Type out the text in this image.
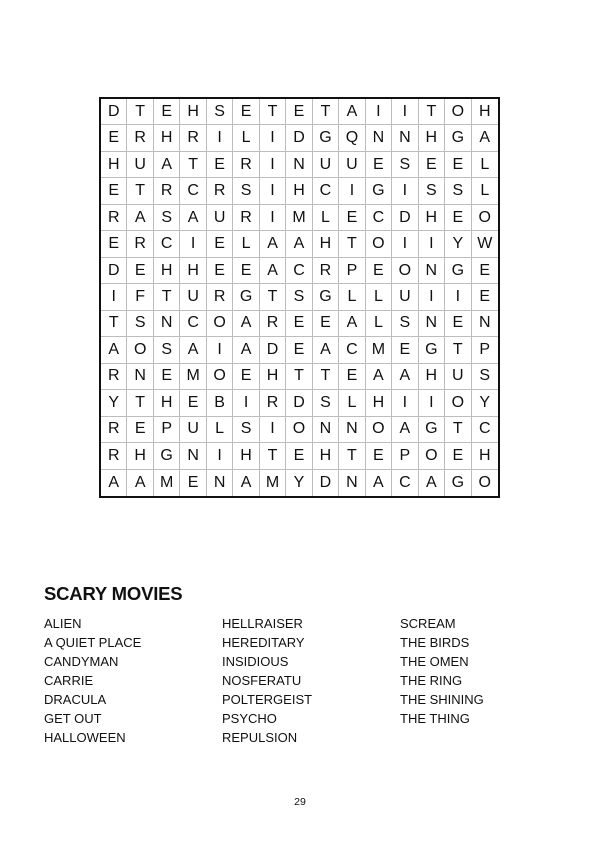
D T	E H S E	T	E	T	A	I	I	T O H
E R H R	I	L	I	D G Q N N H G A
H U A	T	E R	I	N U U E S E E	L
E	T R C R S	I	H C	I	G	I	S S	L
R A S A U R	I	M L	E C D H E O
E R C	I	E	L	A A H T O	I	I	Y W
D E H H E E A C R P E O N G E
I	F	T U R G T	S G L	L	U	I	I	E
T	S N C O A R E E A	L	S N E N
A O S A	I	A D E A C M E G T	P
R N E M O E H T	T	E A A H U S
Y	T H E B	I	R D S	L	H	I	I	O Y
R E P U	L	S	I	O N N O A G T	C
R H G N	I	H T	E H T	E P O E H
A A M E N A M Y D N A C A G O
SCARY MOVIES
ALIEN
A QUIET PLACE
CANDYMAN
CARRIE
DRACULA
GET OUT
HALLOWEEN
HELLRAISER
HEREDITARY
INSIDIOUS
NOSFERATU
POLTERGEIST
PSYCHO
REPULSION
SCREAM
THE BIRDS
THE OMEN
THE RING
THE SHINING
THE THING
29
